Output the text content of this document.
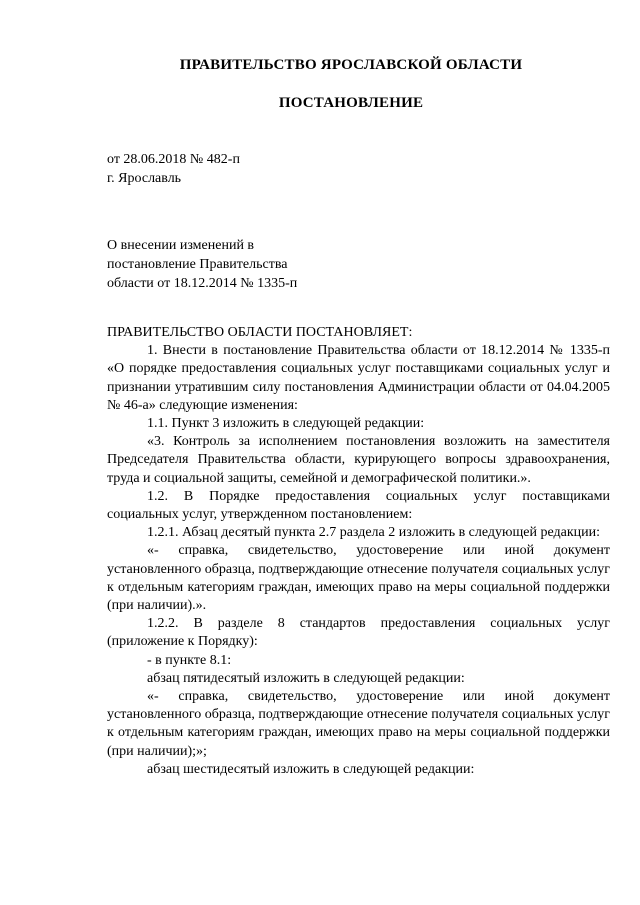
ПРАВИТЕЛЬСТВО ЯРОСЛАВСКОЙ ОБЛАСТИ
ПОСТАНОВЛЕНИЕ
от 28.06.2018 № 482-п
г. Ярославль
О внесении изменений в
постановление Правительства
области от 18.12.2014 № 1335-п

ПРАВИТЕЛЬСТВО ОБЛАСТИ ПОСТАНОВЛЯЕТ:

1. Внести в постановление Правительства области от 18.12.2014 № 1335-п «О порядке предоставления социальных услуг поставщиками социальных услуг и признании утратившим силу постановления Администрации области от 04.04.2005 № 46-а» следующие изменения:

1.1. Пункт 3 изложить в следующей редакции:

«3. Контроль за исполнением постановления возложить на заместителя Председателя Правительства области, курирующего вопросы здравоохранения, труда и социальной защиты, семейной и демографической политики.».

1.2. В Порядке предоставления социальных услуг поставщиками социальных услуг, утвержденном постановлением:

1.2.1. Абзац десятый пункта 2.7 раздела 2 изложить в следующей редакции:

«- справка, свидетельство, удостоверение или иной документ установленного образца, подтверждающие отнесение получателя социальных услуг к отдельным категориям граждан, имеющих право на меры социальной поддержки (при наличии).».

1.2.2. В разделе 8 стандартов предоставления социальных услуг (приложение к Порядку):

- в пункте 8.1:

абзац пятидесятый изложить в следующей редакции:

«- справка, свидетельство, удостоверение или иной документ установленного образца, подтверждающие отнесение получателя социальных услуг к отдельным категориям граждан, имеющих право на меры социальной поддержки (при наличии);»;

абзац шестидесятый изложить в следующей редакции:
